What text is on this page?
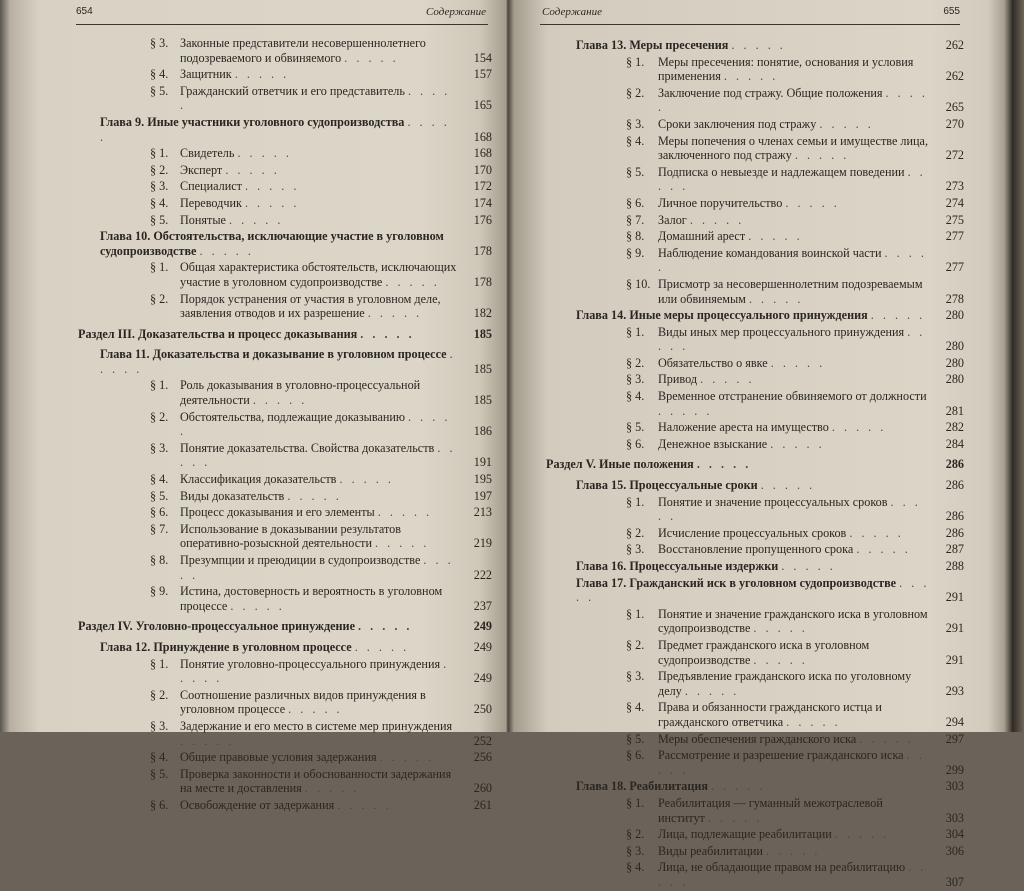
654	Содержание
§ 3. Законные представители несовершеннолетнего подозреваемого и обвиняемого . . . . .	154
§ 4. Защитник . . . . .	157
§ 5. Гражданский ответчик и его представитель . . . . .	165
Глава 9. Иные участники уголовного судопроизводства . . . . .	168
§ 1. Свидетель . . . . .	168
§ 2. Эксперт . . . . .	170
§ 3. Специалист . . . . .	172
§ 4. Переводчик . . . . .	174
§ 5. Понятые . . . . .	176
Глава 10. Обстоятельства, исключающие участие в уголовном судопроизводстве . . . . .	178
§ 1. Общая характеристика обстоятельств, исключающих участие в уголовном судопроизводстве . . . . .	178
§ 2. Порядок устранения от участия в уголовном деле, заявления отводов и их разрешение . . . . .	182
Раздел III. Доказательства и процесс доказывания . . . . .	185
Глава 11. Доказательства и доказывание в уголовном процессе . . . . .	185
§ 1. Роль доказывания в уголовно-процессуальной деятельности . . . . .	185
§ 2. Обстоятельства, подлежащие доказыванию . . . . .	186
§ 3. Понятие доказательства. Свойства доказательств . . . . .	191
§ 4. Классификация доказательств . . . . .	195
§ 5. Виды доказательств . . . . .	197
§ 6. Процесс доказывания и его элементы . . . . .	213
§ 7. Использование в доказывании результатов оперативно-розыскной деятельности . . . . .	219
§ 8. Презумпции и преюдиции в судопроизводстве . . . . .	222
§ 9. Истина, достоверность и вероятность в уголовном процессе . . . . .	237
Раздел IV. Уголовно-процессуальное принуждение . . . . .	249
Глава 12. Принуждение в уголовном процессе . . . . .	249
§ 1. Понятие уголовно-процессуального принуждения . . . . .	249
§ 2. Соотношение различных видов принуждения в уголовном процессе . . . . .	250
§ 3. Задержание и его место в системе мер принуждения . . . . .	252
§ 4. Общие правовые условия задержания . . . . .	256
§ 5. Проверка законности и обоснованности задержания на месте и доставления . . . . .	260
§ 6. Освобождение от задержания . . . . .	261
Содержание	655
Глава 13. Меры пресечения . . . . .	262
§ 1.	Меры пресечения: понятие, основания и условия применения . . . . .	262
§ 2.	Заключение под стражу. Общие положения . . . . .	265
§ 3.	Сроки заключения под стражу . . . . .	270
§ 4.	Меры попечения о членах семьи и имуществе лица, заключенного под стражу . . . . .	272
§ 5.	Подписка о невыезде и надлежащем поведении . . . . .	273
§ 6.	Личное поручительство . . . . .	274
§ 7.	Залог . . . . .	275
§ 8.	Домашний арест . . . . .	277
§ 9.	Наблюдение командования воинской части . . . . .	277
§ 10. Присмотр за несовершеннолетним подозреваемым или обвиняемым . . . . .	278
Глава 14. Иные меры процессуального принуждения . . . . .	280
§ 1.	Виды иных мер процессуального принуждения . . . . .	280
§ 2.	Обязательство о явке . . . . .	280
§ 3.	Привод . . . . .	280
§ 4.	Временное отстранение обвиняемого от должности . . . . .	281
§ 5.	Наложение ареста на имущество . . . . .	282
§ 6.	Денежное взыскание . . . . .	284
Раздел V. Иные положения . . . . .	286
Глава 15. Процессуальные сроки . . . . .	286
§ 1.	Понятие и значение процессуальных сроков . . . . .	286
§ 2.	Исчисление процессуальных сроков . . . . .	286
§ 3.	Восстановление пропущенного срока . . . . .	287
Глава 16. Процессуальные издержки . . . . .	288
Глава 17. Гражданский иск в уголовном судопроизводстве . . . . .	291
§ 1.	Понятие и значение гражданского иска в уголовном судопроизводстве . . . . .	291
§ 2.	Предмет гражданского иска в уголовном судопроизводстве . . . . .	291
§ 3.	Предъявление гражданского иска по уголовному делу . . . . .	293
§ 4.	Права и обязанности гражданского истца и гражданского ответчика . . . . .	294
§ 5.	Меры обеспечения гражданского иска . . . . .	297
§ 6.	Рассмотрение и разрешение гражданского иска . . . . .	299
Глава 18. Реабилитация . . . . .	303
§ 1.	Реабилитация — гуманный межотраслевой институт . . . . .	303
§ 2.	Лица, подлежащие реабилитации . . . . .	304
§ 3.	Виды реабилитации . . . . .	306
§ 4.	Лица, не обладающие правом на реабилитацию . . . . .	307
